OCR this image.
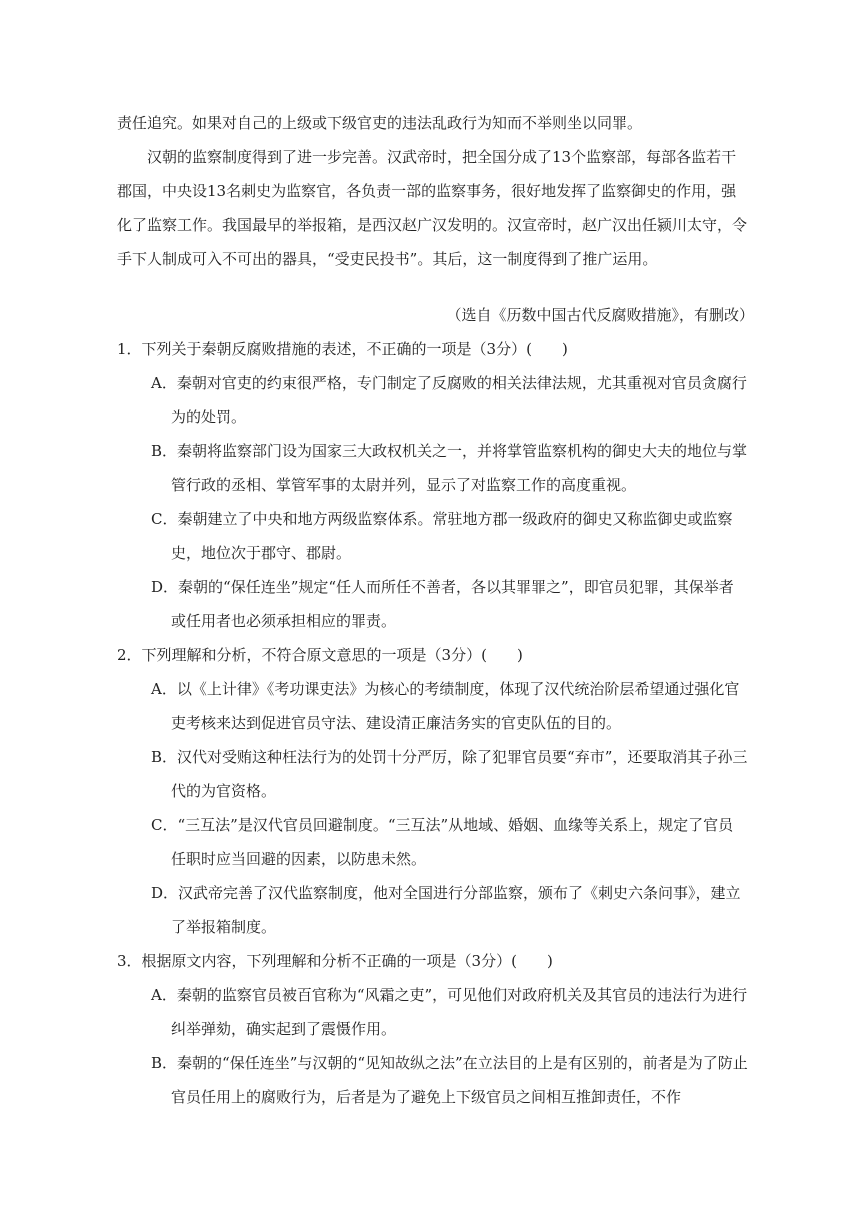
责任追究。如果对自己的上级或下级官吏的违法乱政行为知而不举则坐以同罪。

汉朝的监察制度得到了进一步完善。汉武帝时，把全国分成了13个监察部，每部各监若干郡国，中央设13名刺史为监察官，各负责一部的监察事务，很好地发挥了监察御史的作用，强化了监察工作。我国最早的举报箱，是西汉赵广汉发明的。汉宣帝时，赵广汉出任颍川太守，令手下人制成可入不可出的器具，“受吏民投书”。其后，这一制度得到了推广运用。

（选自《历数中国古代反腐败措施》，有删改）

1．下列关于秦朝反腐败措施的表述，不正确的一项是（3分）(　　)

A．秦朝对官吏的约束很严格，专门制定了反腐败的相关法律法规，尤其重视对官员贪腐行为的处罚。

B．秦朝将监察部门设为国家三大政权机关之一，并将掌管监察机构的御史大夫的地位与掌管行政的丞相、掌管军事的太尉并列，显示了对监察工作的高度重视。

C．秦朝建立了中央和地方两级监察体系。常驻地方郡一级政府的御史又称监御史或监察史，地位次于郡守、郡尉。

D．秦朝的“保任连坐”规定“任人而所任不善者，各以其罪罪之”，即官员犯罪，其保举者或任用者也必须承担相应的罪责。

2．下列理解和分析，不符合原文意思的一项是（3分）(　　)

A．以《上计律》《考功课吏法》为核心的考绩制度，体现了汉代统治阶层希望通过强化官吏考核来达到促进官员守法、建设清正廉洁务实的官吏队伍的目的。

B．汉代对受贿这种枉法行为的处罚十分严厉，除了犯罪官员要“弃市”，还要取消其子孙三代的为官资格。

C．“三互法”是汉代官员回避制度。“三互法”从地域、婚姻、血缘等关系上，规定了官员任职时应当回避的因素，以防患未然。

D．汉武帝完善了汉代监察制度，他对全国进行分部监察，颁布了《刺史六条问事》，建立了举报箱制度。

3．根据原文内容，下列理解和分析不正确的一项是（3分）(　　)

A．秦朝的监察官员被百官称为“风霜之吏”，可见他们对政府机关及其官员的违法行为进行纠举弹劾，确实起到了震慑作用。

B．秦朝的“保任连坐”与汉朝的“见知故纵之法”在立法目的上是有区别的，前者是为了防止官员任用上的腐败行为，后者是为了避免上下级官员之间相互推卸责任，不作
